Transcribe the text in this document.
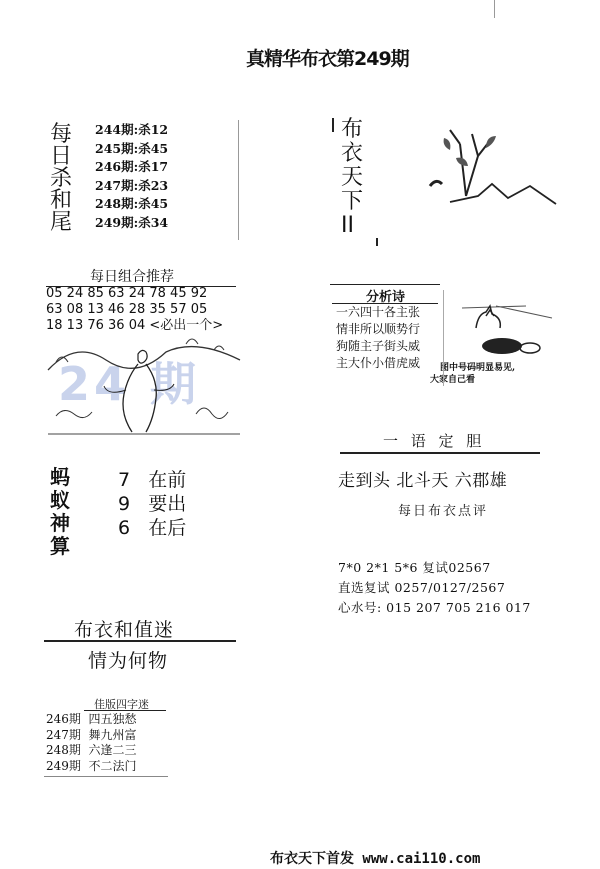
真精华布衣第249期
每
日
杀
和
尾
244期:杀12
245期:杀45
246期:杀17
247期:杀23
248期:杀45
249期:杀34
每日组合推荐
05 24 85 63 24 78 45 92
63 08 13 46 28 35 57 05
18 13 76 36 04 <必出一个>
24 期
蚂
蚁
神
算
7 在前
9 要出
6 在后
布衣和值迷
情为何物
佳版四字迷
246期 四五独愁
247期 舞九州富
248期 六逢二三
249期 不二法门
布
衣
天
下
II
分析诗
一六四十各主张
情非所以顺势行
狗随主子街头威
主大仆小借虎威	图中号码明显易见,
大家自己看
一 语 定 胆
走到头 北斗天 六郡雄
每日布衣点评
7*0 2*1 5*6 复试02567
直选复试 0257/0127/2567
心水号: 015 207 705 216 017
布衣天下首发 www.cai110.com
